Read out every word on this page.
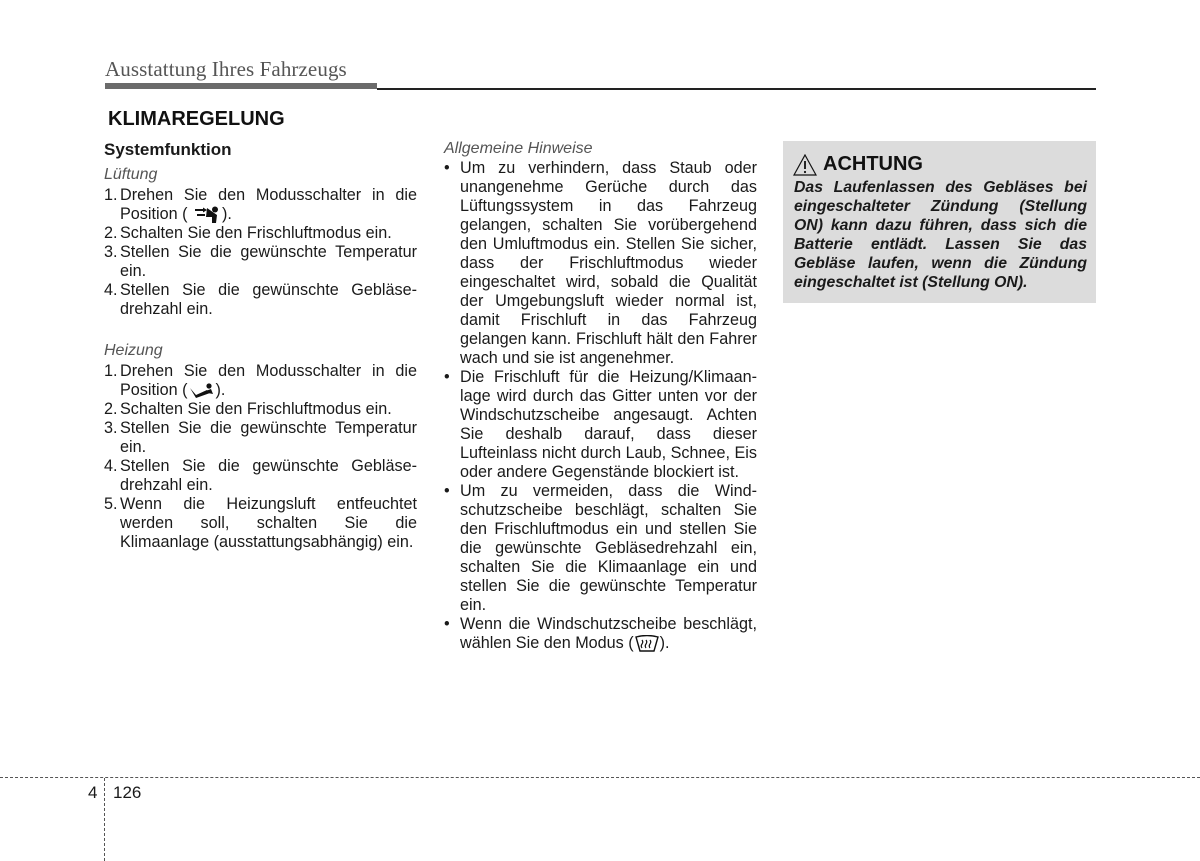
Ausstattung Ihres Fahrzeugs
KLIMAREGELUNG
Systemfunktion
Lüftung
1. Drehen Sie den Modusschalter in die Position ( ).
2. Schalten Sie den Frischluftmodus ein.
3. Stellen Sie die gewünschte Temperatur ein.
4. Stellen Sie die gewünschte Gebläse-drehzahl ein.
Heizung
1. Drehen Sie den Modusschalter in die Position ( ).
2. Schalten Sie den Frischluftmodus ein.
3. Stellen Sie die gewünschte Temperatur ein.
4. Stellen Sie die gewünschte Gebläse-drehzahl ein.
5. Wenn die Heizungsluft entfeuchtet werden soll, schalten Sie die Klimaanlage (ausstattungsabhängig) ein.
Allgemeine Hinweise
• Um zu verhindern, dass Staub oder unangenehme Gerüche durch das Lüftungssystem in das Fahrzeug gelangen, schalten Sie vorübergehend den Umluftmodus ein. Stellen Sie sicher, dass der Frischluftmodus wieder eingeschaltet wird, sobald die Qualität der Umgebungsluft wieder normal ist, damit Frischluft in das Fahrzeug gelangen kann. Frischluft hält den Fahrer wach und sie ist angenehmer.
• Die Frischluft für die Heizung/Klimaan-lage wird durch das Gitter unten vor der Windschutzscheibe angesaugt. Achten Sie deshalb darauf, dass dieser Lufteinlass nicht durch Laub, Schnee, Eis oder andere Gegenstände blockiert ist.
• Um zu vermeiden, dass die Wind-schutzscheibe beschlägt, schalten Sie den Frischluftmodus ein und stellen Sie die gewünschte Gebläsedrehzahl ein, schalten Sie die Klimaanlage ein und stellen Sie die gewünschte Temperatur ein.
• Wenn die Windschutzscheibe beschlägt, wählen Sie den Modus ( ).
ACHTUNG
Das Laufenlassen des Gebläses bei eingeschalteter Zündung (Stellung ON) kann dazu führen, dass sich die Batterie entlädt. Lassen Sie das Gebläse laufen, wenn die Zündung eingeschaltet ist (Stellung ON).
4 126
